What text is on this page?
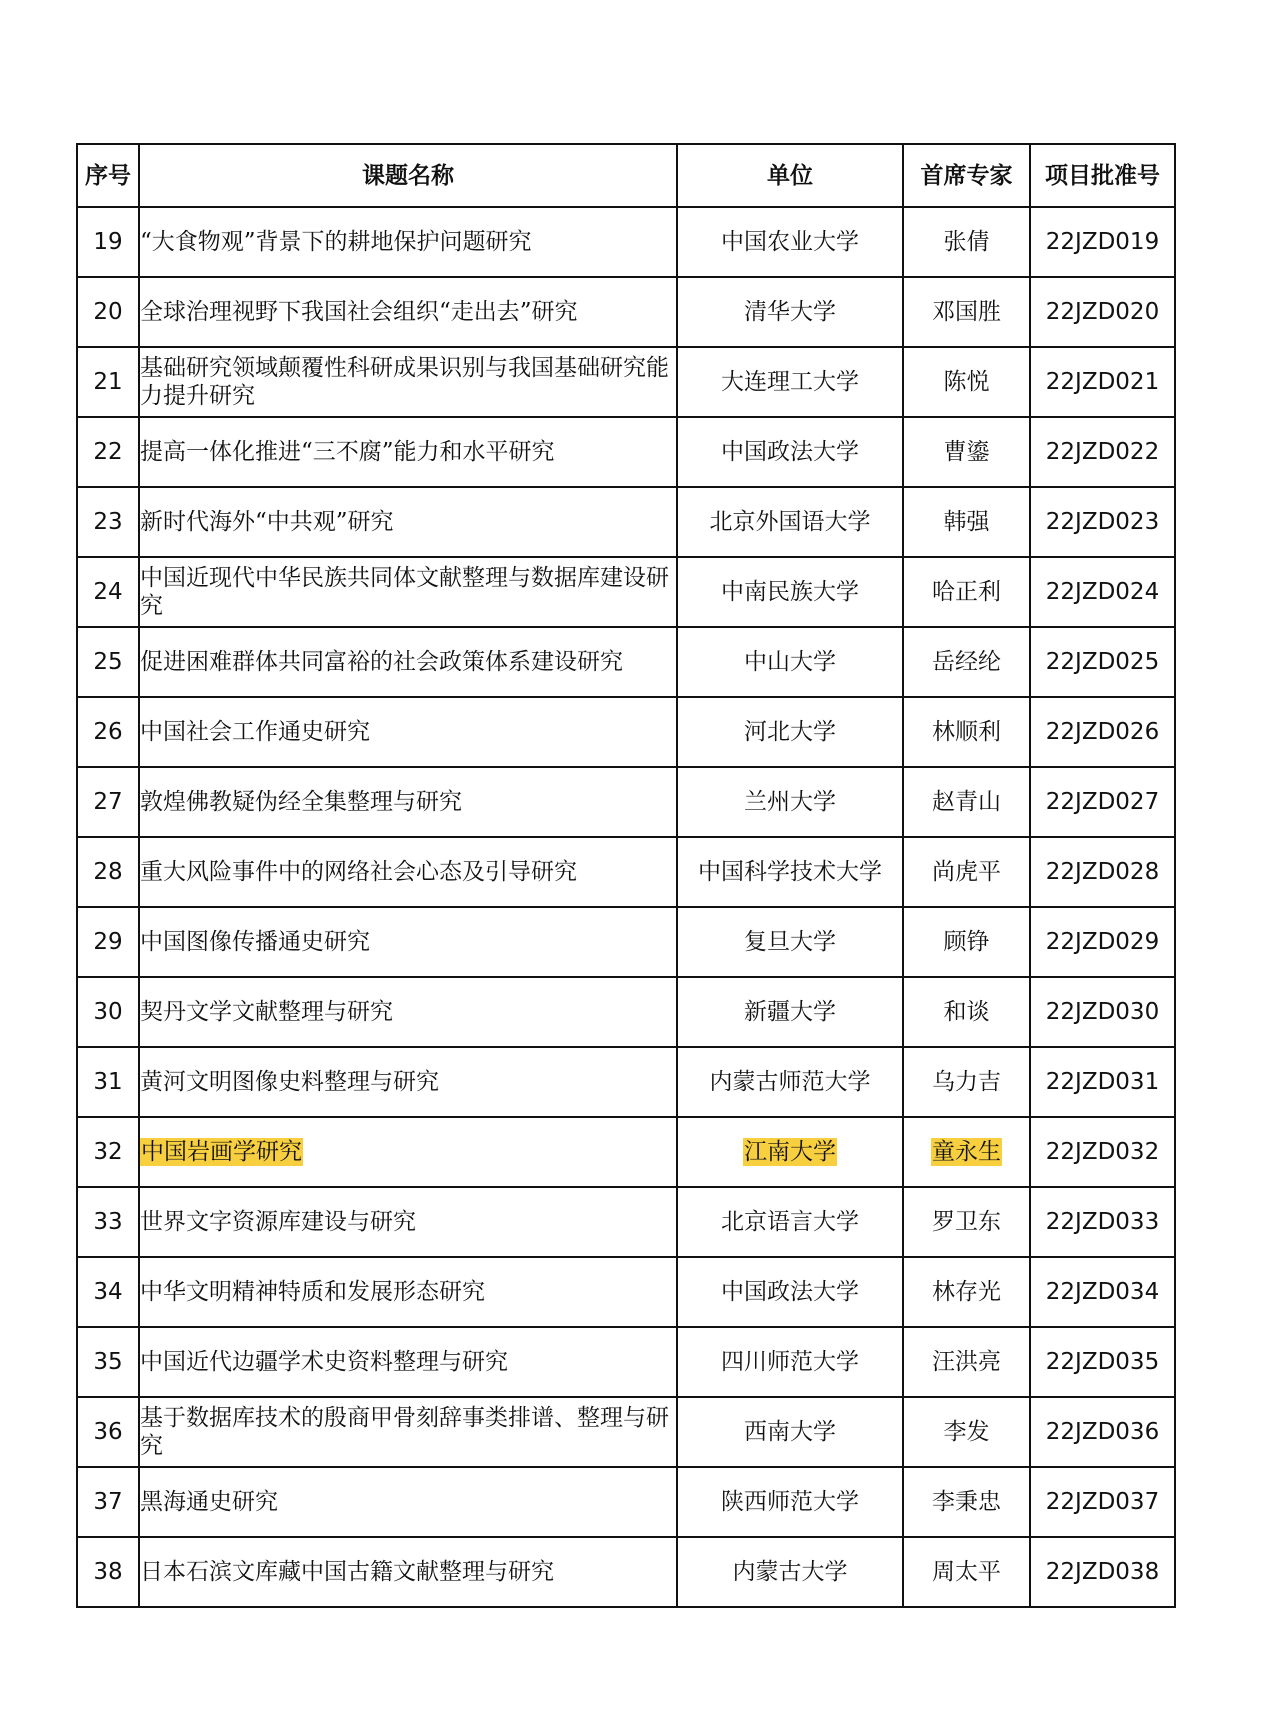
序号	课题名称	单位	首席专家	项目批准号
19	“大食物观”背景下的耕地保护问题研究	中国农业大学	张倩	22JZD019
20	全球治理视野下我国社会组织“走出去”研究	清华大学	邓国胜	22JZD020
21	基础研究领域颠覆性科研成果识别与我国基础研究能力提升研究	大连理工大学	陈悦	22JZD021
22	提高一体化推进“三不腐”能力和水平研究	中国政法大学	曹鎏	22JZD022
23	新时代海外“中共观”研究	北京外国语大学	韩强	22JZD023
24	中国近现代中华民族共同体文献整理与数据库建设研究	中南民族大学	哈正利	22JZD024
25	促进困难群体共同富裕的社会政策体系建设研究	中山大学	岳经纶	22JZD025
26	中国社会工作通史研究	河北大学	林顺利	22JZD026
27	敦煌佛教疑伪经全集整理与研究	兰州大学	赵青山	22JZD027
28	重大风险事件中的网络社会心态及引导研究	中国科学技术大学	尚虎平	22JZD028
29	中国图像传播通史研究	复旦大学	顾铮	22JZD029
30	契丹文学文献整理与研究	新疆大学	和谈	22JZD030
31	黄河文明图像史料整理与研究	内蒙古师范大学	乌力吉	22JZD031
32	中国岩画学研究	江南大学	童永生	22JZD032
33	世界文字资源库建设与研究	北京语言大学	罗卫东	22JZD033
34	中华文明精神特质和发展形态研究	中国政法大学	林存光	22JZD034
35	中国近代边疆学术史资料整理与研究	四川师范大学	汪洪亮	22JZD035
36	基于数据库技术的殷商甲骨刻辞事类排谱、整理与研究	西南大学	李发	22JZD036
37	黑海通史研究	陕西师范大学	李秉忠	22JZD037
38	日本石滨文库藏中国古籍文献整理与研究	内蒙古大学	周太平	22JZD038
